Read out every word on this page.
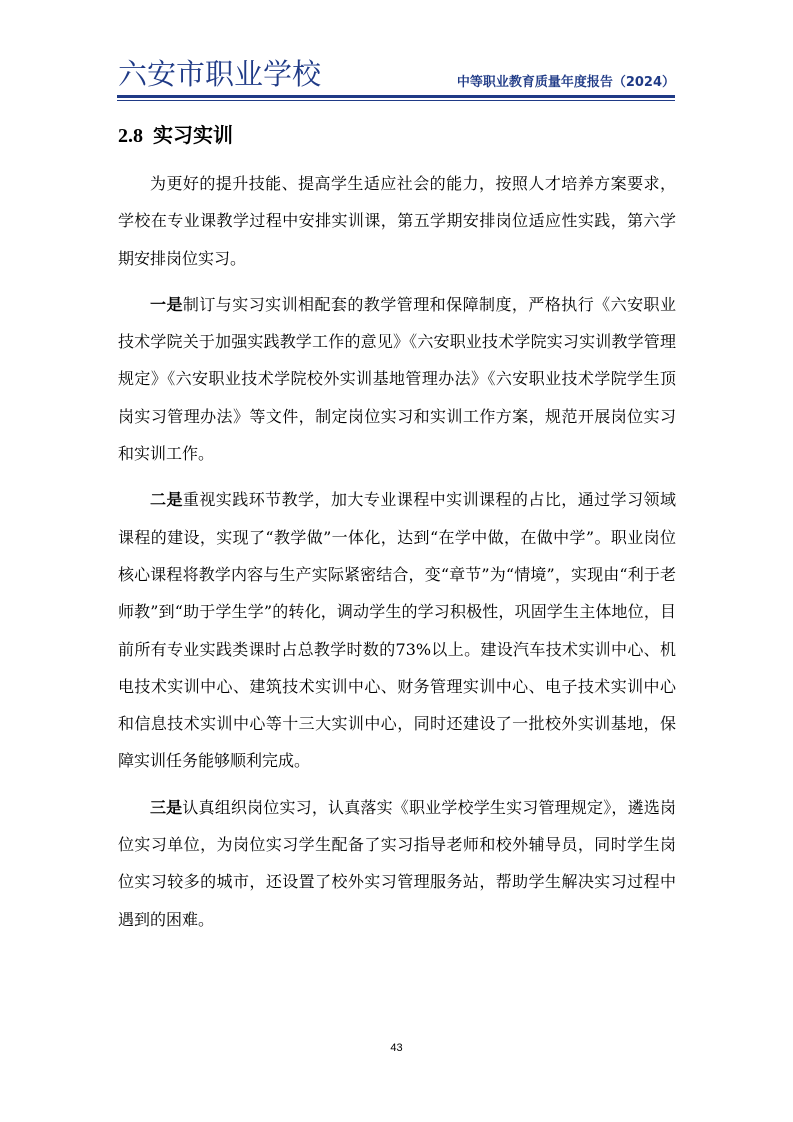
六安市职业学校	中等职业教育质量年度报告（2024）
2.8 实习实训

为更好的提升技能、提高学生适应社会的能力，按照人才培养方案要求，学校在专业课教学过程中安排实训课，第五学期安排岗位适应性实践，第六学期安排岗位实习。

一是制订与实习实训相配套的教学管理和保障制度，严格执行《六安职业技术学院关于加强实践教学工作的意见》《六安职业技术学院实习实训教学管理规定》《六安职业技术学院校外实训基地管理办法》《六安职业技术学院学生顶岗实习管理办法》等文件，制定岗位实习和实训工作方案，规范开展岗位实习和实训工作。

二是重视实践环节教学，加大专业课程中实训课程的占比，通过学习领域课程的建设，实现了“教学做”一体化，达到“在学中做，在做中学”。职业岗位核心课程将教学内容与生产实际紧密结合，变“章节”为“情境”，实现由“利于老师教”到“助于学生学”的转化，调动学生的学习积极性，巩固学生主体地位，目前所有专业实践类课时占总教学时数的73%以上。建设汽车技术实训中心、机电技术实训中心、建筑技术实训中心、财务管理实训中心、电子技术实训中心和信息技术实训中心等十三大实训中心，同时还建设了一批校外实训基地，保障实训任务能够顺利完成。

三是认真组织岗位实习，认真落实《职业学校学生实习管理规定》，遴选岗位实习单位，为岗位实习学生配备了实习指导老师和校外辅导员，同时学生岗位实习较多的城市，还设置了校外实习管理服务站，帮助学生解决实习过程中遇到的困难。

43
